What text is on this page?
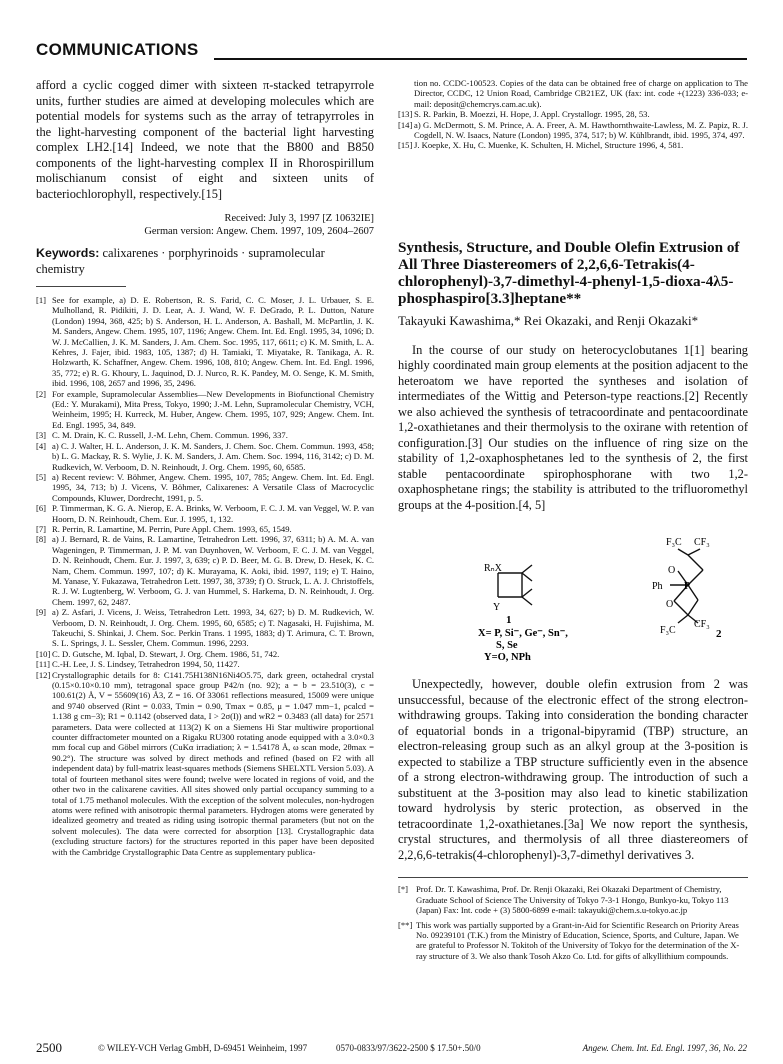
COMMUNICATIONS

afford a cyclic cogged dimer with sixteen π-stacked tetrapyrrole units, further studies are aimed at developing molecules which are potential models for systems such as the array of tetrapyrroles in the light-harvesting component of the bacterial light harvesting complex LH2.[14] Indeed, we note that the B800 and B850 components of the light-harvesting complex II in Rhorospirillum molischianum consist of eight and sixteen units of bacteriochlorophyll, respectively.[15]

Received: July 3, 1997 [Z 10632IE]
German version: Angew. Chem. 1997, 109, 2604–2607
Keywords: calixarenes · porphyrinoids · supramolecular chemistry
[1] See for example, a) D. E. Robertson, R. S. Farid, C. C. Moser, J. L. Urbauer, S. E. Mulholland, R. Pidikiti, J. D. Lear, A. J. Wand, W. F. DeGrado, P. L. Dutton, Nature (London) 1994, 368, 425; b) S. Anderson, H. L. Anderson, A. Bashall, M. McPartlin, J. K. M. Sanders, Angew. Chem. 1995, 107, 1196; Angew. Chem. Int. Ed. Engl. 1995, 34, 1096; D. W. J. McCallien, J. K. M. Sanders, J. Am. Chem. Soc. 1995, 117, 6611; c) K. M. Smith, L. A. Kehres, J. Fajer, ibid. 1983, 105, 1387; d) H. Tamiaki, T. Miyatake, R. Tanikaga, A. R. Holzwarth, K. Schaffner, Angew. Chem. 1996, 108, 810; Angew. Chem. Int. Ed. Engl. 1996, 35, 772; e) R. G. Khoury, L. Jaquinod, D. J. Nurco, R. K. Pandey, M. O. Senge, K. M. Smith, ibid. 1996, 108, 2657 and 1996, 35, 2496.
[2] For example, Supramolecular Assemblies—New Developments in Biofunctional Chemistry (Ed.: Y. Murakami), Mita Press, Tokyo, 1990; J.-M. Lehn, Supramolecular Chemistry, VCH, Weinheim, 1995; H. Kurreck, M. Huber, Angew. Chem. 1995, 107, 929; Angew. Chem. Int. Ed. Engl. 1995, 34, 849.
[3] C. M. Drain, K. C. Russell, J.-M. Lehn, Chem. Commun. 1996, 337.
[4] a) C. J. Walter, H. L. Anderson, J. K. M. Sanders, J. Chem. Soc. Chem. Commun. 1993, 458; b) L. G. Mackay, R. S. Wylie, J. K. M. Sanders, J. Am. Chem. Soc. 1994, 116, 3142; c) D. M. Rudkevich, W. Verboom, D. N. Reinhoudt, J. Org. Chem. 1995, 60, 6585.
[5] a) Recent review: V. Böhmer, Angew. Chem. 1995, 107, 785; Angew. Chem. Int. Ed. Engl. 1995, 34, 713; b) J. Vicens, V. Böhmer, Calixarenes: A Versatile Class of Macrocyclic Compounds, Kluwer, Dordrecht, 1991, p. 5.
[6] P. Timmerman, K. G. A. Nierop, E. A. Brinks, W. Verboom, F. C. J. M. van Veggel, W. P. van Hoorn, D. N. Reinhoudt, Chem. Eur. J. 1995, 1, 132.
[7] R. Perrin, R. Lamartine, M. Perrin, Pure Appl. Chem. 1993, 65, 1549.
[8] a) J. Bernard, R. de Vains, R. Lamartine, Tetrahedron Lett. 1996, 37, 6311; b) A. M. A. van Wageningen, P. Timmerman, J. P. M. van Duynhoven, W. Verboom, F. C. J. M. van Veggel, D. N. Reinhoudt, Chem. Eur. J. 1997, 3, 639; c) P. D. Beer, M. G. B. Drew, D. Hesek, K. C. Nam, Chem. Commun. 1997, 107; d) K. Murayama, K. Aoki, ibid. 1997, 119; e) T. Haino, M. Yanase, Y. Fukazawa, Tetrahedron Lett. 1997, 38, 3739; f) O. Struck, L. A. J. Christoffels, R. J. W. Lugtenberg, W. Verboom, G. J. van Hummel, S. Harkema, D. N. Reinhoudt, J. Org. Chem. 1997, 62, 2487.
[9] a) Z. Asfari, J. Vicens, J. Weiss, Tetrahedron Lett. 1993, 34, 627; b) D. M. Rudkevich, W. Verboom, D. N. Reinhoudt, J. Org. Chem. 1995, 60, 6585; c) T. Nagasaki, H. Fujishima, M. Takeuchi, S. Shinkai, J. Chem. Soc. Perkin Trans. 1 1995, 1883; d) T. Arimura, C. T. Brown, S. L. Springs, J. L. Sessler, Chem. Commun. 1996, 2293.
[10] C. D. Gutsche, M. Iqbal, D. Stewart, J. Org. Chem. 1986, 51, 742.
[11] C.-H. Lee, J. S. Lindsey, Tetrahedron 1994, 50, 11427.
[12] Crystallographic details for 8: C141.75H138N16Ni4O5.75, dark green, octahedral crystal (0.15×0.10×0.10 mm), tetragonal space group P42/n (no. 92); a = b = 23.510(3), c = 100.61(2) Å, V = 55609(16) Å3, Z = 16. Of 33061 reflections measured, 15009 were unique and 9740 observed (Rint = 0.033, Tmin = 0.90, Tmax = 0.85, μ = 1.047 mm−1, ρcalcd = 1.138 g cm−3); R1 = 0.1142 (observed data, I > 2σ(I)) and wR2 = 0.3483 (all data) for 2571 parameters. Data were collected at 113(2) K on a Siemens Hi Star multiwire proportional counter diffractometer mounted on a Rigaku RU300 rotating anode equipped with a 3.0×0.3 mm focal cup and Göbel mirrors (CuKα irradiation; λ = 1.54178 Å, ω scan mode, 2θmax = 90.2°). The structure was solved by direct methods and refined (based on F2 with all independent data) by full-matrix least-squares methods (Siemens SHELXTL Version 5.03). A total of fourteen methanol sites were found; twelve were located in regions of void, and the other two in the calixarene cavities. All sites showed only partial occupancy summing to a total of 1.75 methanol molecules. With the exception of the solvent molecules, non-hydrogen atoms were refined with anisotropic thermal parameters. Hydrogen atoms were generated by idealized geometry and treated as riding using isotropic thermal parameters (but not on the solvent molecules). The data were corrected for absorption [13]. Crystallographic data (excluding structure factors) for the structures reported in this paper have been deposited with the Cambridge Crystallographic Data Centre as supplementary publica-
tion no. CCDC-100523. Copies of the data can be obtained free of charge on application to The Director, CCDC, 12 Union Road, Cambridge CB21EZ, UK (fax: int. code +(1223) 336-033; e-mail: deposit@chemcrys.cam.ac.uk).
[13] S. R. Parkin, B. Moezzi, H. Hope, J. Appl. Crystallogr. 1995, 28, 53.
[14] a) G. McDermott, S. M. Prince, A. A. Freer, A. M. Hawthornthwaite-Lawless, M. Z. Papiz, R. J. Cogdell, N. W. Isaacs, Nature (London) 1995, 374, 517; b) W. Kühlbrandt, ibid. 1995, 374, 497.
[15] J. Koepke, X. Hu, C. Muenke, K. Schulten, H. Michel, Structure 1996, 4, 581.
Synthesis, Structure, and Double Olefin Extrusion of All Three Diastereomers of 2,2,6,6-Tetrakis(4-chlorophenyl)-3,7-dimethyl-4-phenyl-1,5-dioxa-4λ5-phosphaspiro[3.3]heptane**
Takayuki Kawashima,* Rei Okazaki, and Renji Okazaki*

In the course of our study on heterocyclobutanes 1[1] bearing highly coordinated main group elements at the position adjacent to the heteroatom we have reported the syntheses and isolation of intermediates of the Wittig and Peterson-type reactions.[2] Recently we also achieved the synthesis of tetracoordinate and pentacoordinate 1,2-oxathietanes and their thermolysis to the oxirane with retention of configuration.[3] Our studies on the influence of ring size on the stability of 1,2-oxaphosphetanes led to the synthesis of 2, the first stable pentacoordinate spirophosphorane with two 1,2-oxaphosphetane rings; the stability is attributed to the trifluoromethyl groups at the 4-position.[4, 5]

RₙX
Y
1
X= P, Si⁻, Ge⁻, Sn⁻,
S, Se
Y=O, NPh
F₃C CF₃
O
Ph P
O
F₃C
CF₃
2

Unexpectedly, however, double olefin extrusion from 2 was unsuccessful, because of the electronic effect of the strong electron-withdrawing groups. Taking into consideration the bonding character of equatorial bonds in a trigonal-bipyramid (TBP) structure, an electron-releasing group such as an alkyl group at the 3-position is expected to stabilize a TBP structure sufficiently even in the absence of a strong electron-withdrawing group. The introduction of such a substituent at the 3-position may also lead to kinetic stabilization toward hydrolysis by steric protection, as observed in the tetracoordinate 1,2-oxathietanes.[3a] We now report the synthesis, crystal structures, and thermolysis of all three diastereomers of 2,2,6,6-tetrakis(4-chlorophenyl)-3,7-dimethyl derivatives 3.

[*] Prof. Dr. T. Kawashima, Prof. Dr. Renji Okazaki, Rei Okazaki Department of Chemistry, Graduate School of Science The University of Tokyo 7-3-1 Hongo, Bunkyo-ku, Tokyo 113 (Japan) Fax: Int. code + (3) 5800-6899 e-mail: takayuki@chem.s.u-tokyo.ac.jp
[**] This work was partially supported by a Grant-in-Aid for Scientific Research on Priority Areas No. 09239101 (T.K.) from the Ministry of Education, Science, Sports, and Culture, Japan. We are grateful to Professor N. Tokitoh of the University of Tokyo for the determination of the X-ray structure of 3. We also thank Tosoh Akzo Co. Ltd. for gifts of alkyllithium compounds.
2500	© WILEY-VCH Verlag GmbH, D-69451 Weinheim, 1997	0570-0833/97/3622-2500 $ 17.50+.50/0	Angew. Chem. Int. Ed. Engl. 1997, 36, No. 22
